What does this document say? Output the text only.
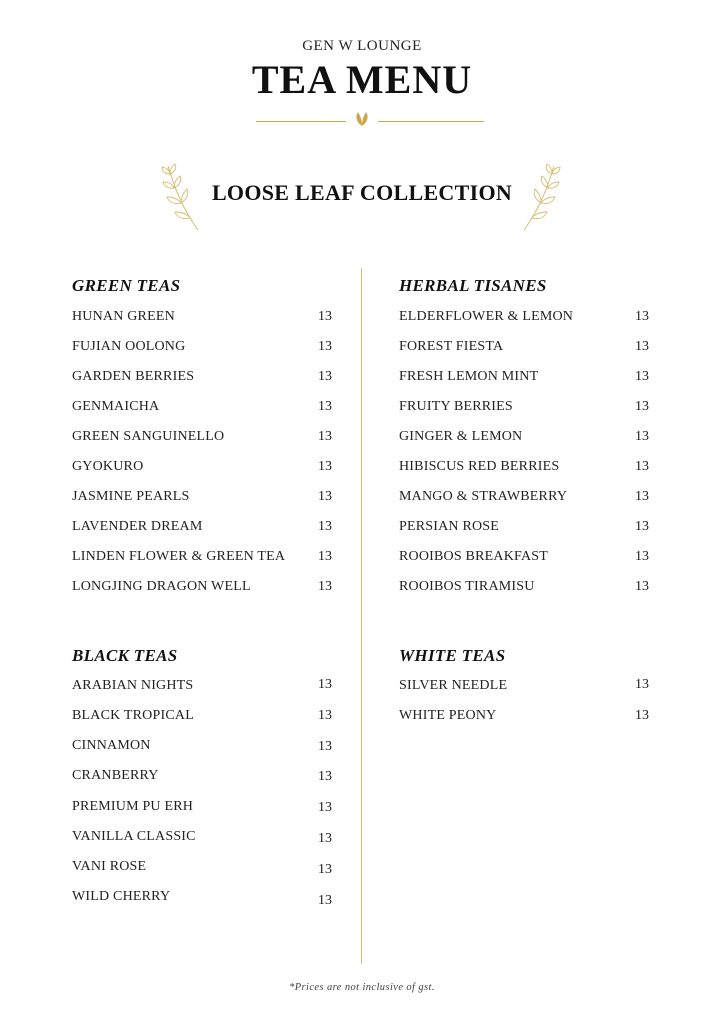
GEN W LOUNGE
TEA MENU
LOOSE LEAF COLLECTION
GREEN TEAS
HUNAN GREEN	13
FUJIAN OOLONG	13
GARDEN BERRIES	13
GENMAICHA	13
GREEN SANGUINELLO	13
GYOKURO	13
JASMINE PEARLS	13
LAVENDER DREAM	13
LINDEN FLOWER & GREEN TEA 13
LONGJING DRAGON WELL	13
HERBAL TISANES
ELDERFLOWER & LEMON	13
FOREST FIESTA	13
FRESH LEMON MINT	13
FRUITY BERRIES	13
GINGER & LEMON	13
HIBISCUS RED BERRIES	13
MANGO & STRAWBERRY	13
PERSIAN ROSE	13
ROOIBOS BREAKFAST	13
ROOIBOS TIRAMISU	13
BLACK TEAS
ARABIAN NIGHTS	13
BLACK TROPICAL	13
CINNAMON	13
CRANBERRY	13
PREMIUM PU ERH	13
VANILLA CLASSIC	13
VANI ROSE	13
WILD CHERRY	13
WHITE TEAS
SILVER NEEDLE	13
WHITE PEONY	13
*Prices are not inclusive of gst.
